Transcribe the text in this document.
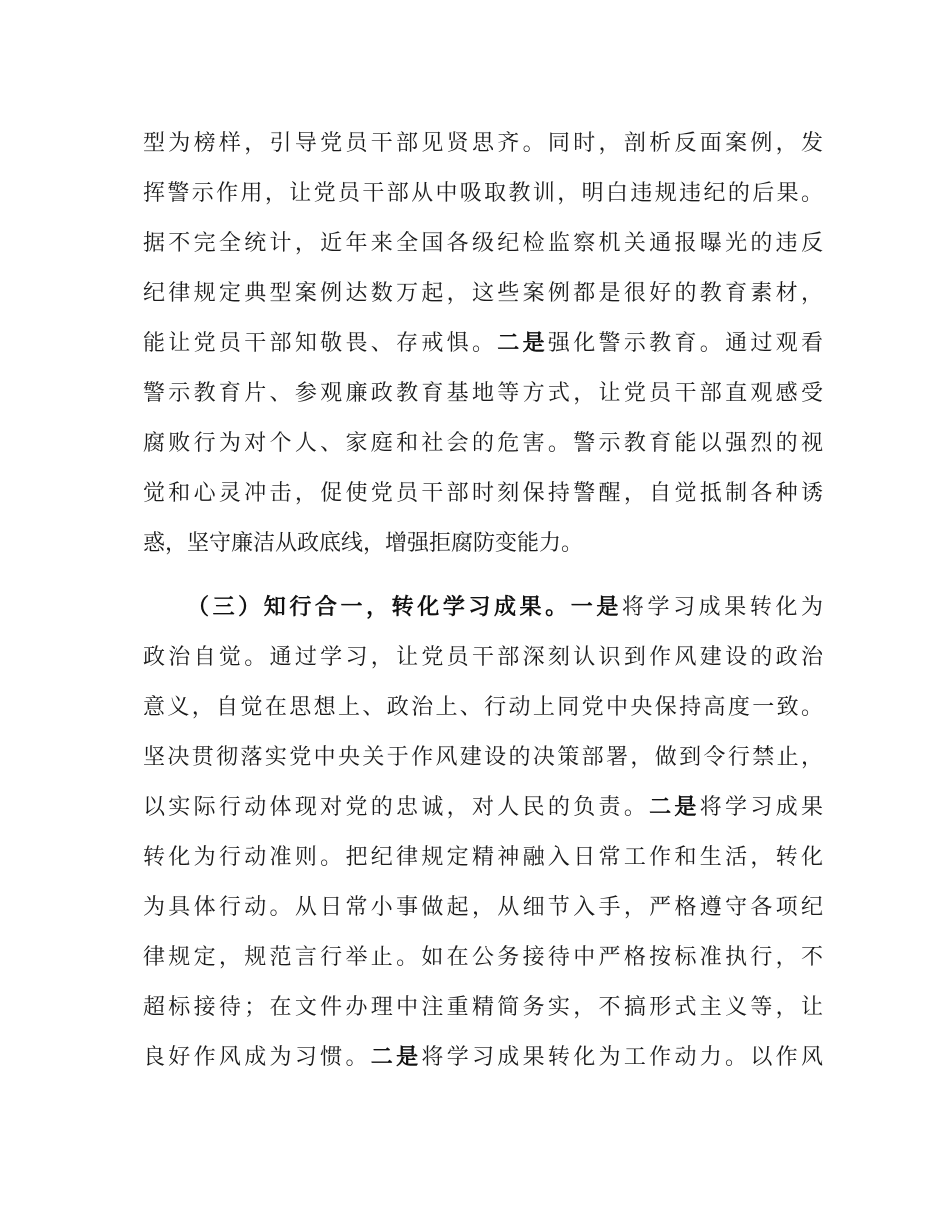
型为榜样，引导党员干部见贤思齐。同时，剖析反面案例，发
挥警示作用，让党员干部从中吸取教训，明白违规违纪的后果。
据不完全统计，近年来全国各级纪检监察机关通报曝光的违反
纪律规定典型案例达数万起，这些案例都是很好的教育素材，
能让党员干部知敬畏、存戒惧。二是强化警示教育。通过观看
警示教育片、参观廉政教育基地等方式，让党员干部直观感受
腐败行为对个人、家庭和社会的危害。警示教育能以强烈的视
觉和心灵冲击，促使党员干部时刻保持警醒，自觉抵制各种诱
惑，坚守廉洁从政底线，增强拒腐防变能力。
（三）知行合一，转化学习成果。一是将学习成果转化为
政治自觉。通过学习，让党员干部深刻认识到作风建设的政治
意义，自觉在思想上、政治上、行动上同党中央保持高度一致。
坚决贯彻落实党中央关于作风建设的决策部署，做到令行禁止，
以实际行动体现对党的忠诚，对人民的负责。二是将学习成果
转化为行动准则。把纪律规定精神融入日常工作和生活，转化
为具体行动。从日常小事做起，从细节入手，严格遵守各项纪
律规定，规范言行举止。如在公务接待中严格按标准执行，不
超标接待；在文件办理中注重精简务实，不搞形式主义等，让
良好作风成为习惯。二是将学习成果转化为工作动力。以作风
